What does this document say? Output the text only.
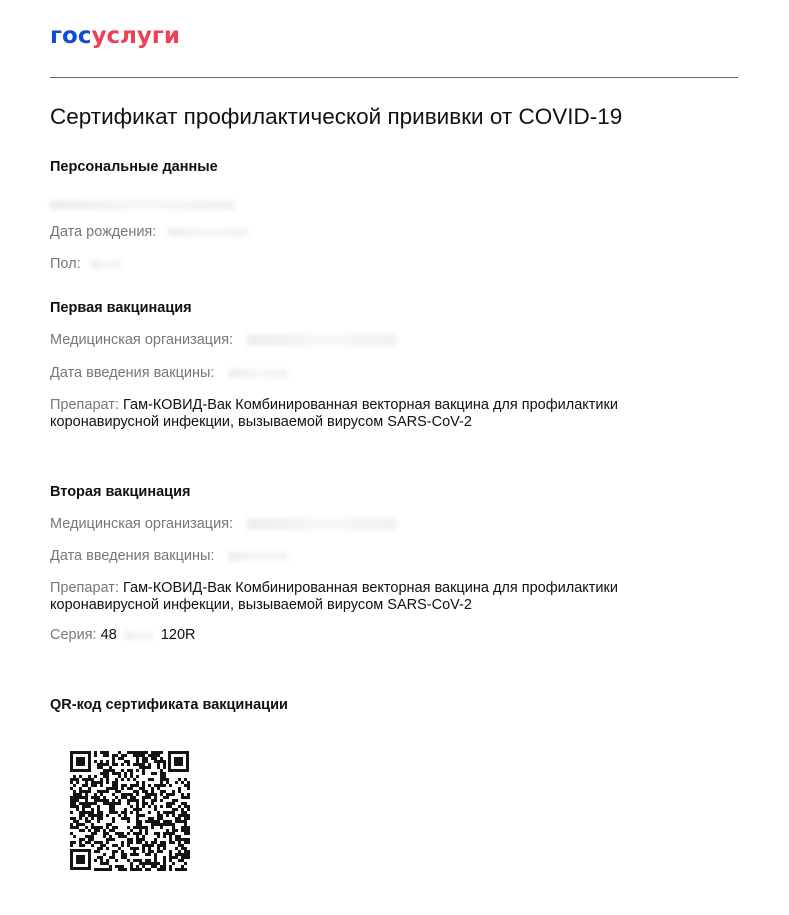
госуслуги
Сертификат профилактической прививки от COVID-19
Персональные данные
Дата рождения:
Пол:
Первая вакцинация
Медицинская организация:
Дата введения вакцины:
Препарат: Гам-КОВИД-Вак Комбинированная векторная вакцина для профилактики
коронавирусной инфекции, вызываемой вирусом SARS-CoV-2
Вторая вакцинация
Медицинская организация:
Дата введения вакцины:
Препарат: Гам-КОВИД-Вак Комбинированная векторная вакцина для профилактики
коронавирусной инфекции, вызываемой вирусом SARS-CoV-2
Серия: 48	120R
QR-код сертификата вакцинации
